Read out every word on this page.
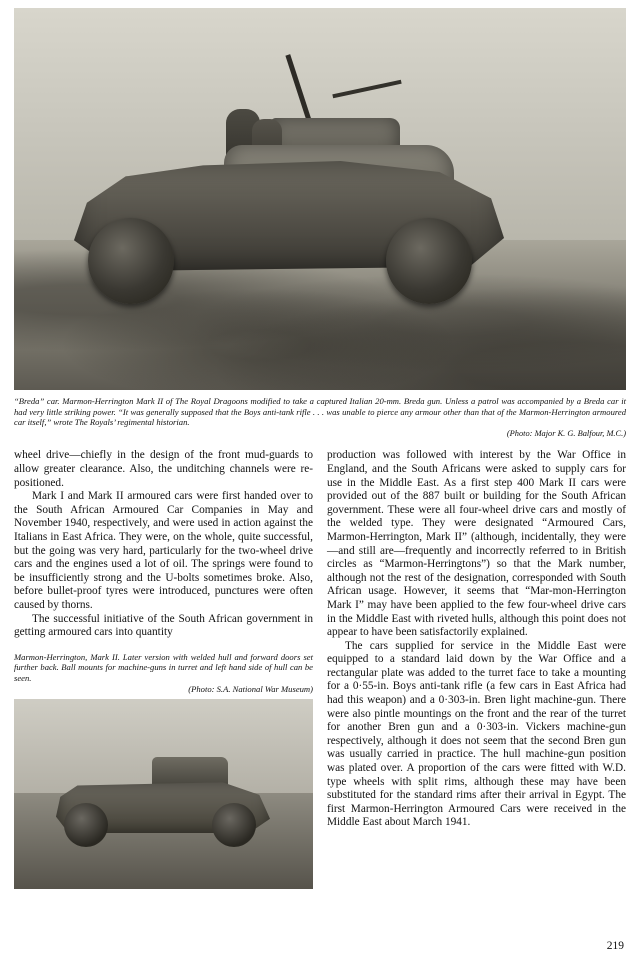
“Breda” car. Marmon-Herrington Mark II of The Royal Dragoons modified to take a captured Italian 20-mm. Breda gun. Unless a patrol was accompanied by a Breda car it had very little striking power. “It was generally supposed that the Boys anti-tank rifle . . . was unable to pierce any armour other than that of the Marmon-Herrington armoured car itself,” wrote The Royals’ regimental historian.
(Photo: Major K. G. Balfour, M.C.)

wheel drive—chiefly in the design of the front mud-guards to allow greater clearance. Also, the unditching channels were re-positioned.

Mark I and Mark II armoured cars were first handed over to the South African Armoured Car Companies in May and November 1940, respectively, and were used in action against the Italians in East Africa. They were, on the whole, quite successful, but the going was very hard, particularly for the two-wheel drive cars and the engines used a lot of oil. The springs were found to be insufficiently strong and the U-bolts sometimes broke. Also, before bullet-proof tyres were introduced, punctures were often caused by thorns.

The successful initiative of the South African government in getting armoured cars into quantity

Marmon-Herrington, Mark II. Later version with welded hull and forward doors set further back. Ball mounts for machine-guns in turret and left hand side of hull can be seen.
(Photo: S.A. National War Museum)

production was followed with interest by the War Office in England, and the South Africans were asked to supply cars for use in the Middle East. As a first step 400 Mark II cars were provided out of the 887 built or building for the South African government. These were all four-wheel drive cars and mostly of the welded type. They were designated “Armoured Cars, Marmon-Herrington, Mark II” (although, incidentally, they were—and still are—frequently and incorrectly referred to in British circles as “Marmon-Herringtons”) so that the Mark number, although not the rest of the designation, corresponded with South African usage. However, it seems that “Mar-mon-Herrington Mark I” may have been applied to the few four-wheel drive cars in the Middle East with riveted hulls, although this point does not appear to have been satisfactorily explained.

The cars supplied for service in the Middle East were equipped to a standard laid down by the War Office and a rectangular plate was added to the turret face to take a mounting for a 0·55-in. Boys anti-tank rifle (a few cars in East Africa had had this weapon) and a 0·303-in. Bren light machine-gun. There were also pintle mountings on the front and the rear of the turret for another Bren gun and a 0·303-in. Vickers machine-gun respectively, although it does not seem that the second Bren gun was usually carried in practice. The hull machine-gun position was plated over. A proportion of the cars were fitted with W.D. type wheels with split rims, although these may have been substituted for the standard rims after their arrival in Egypt. The first Marmon-Herrington Armoured Cars were received in the Middle East about March 1941.

219
